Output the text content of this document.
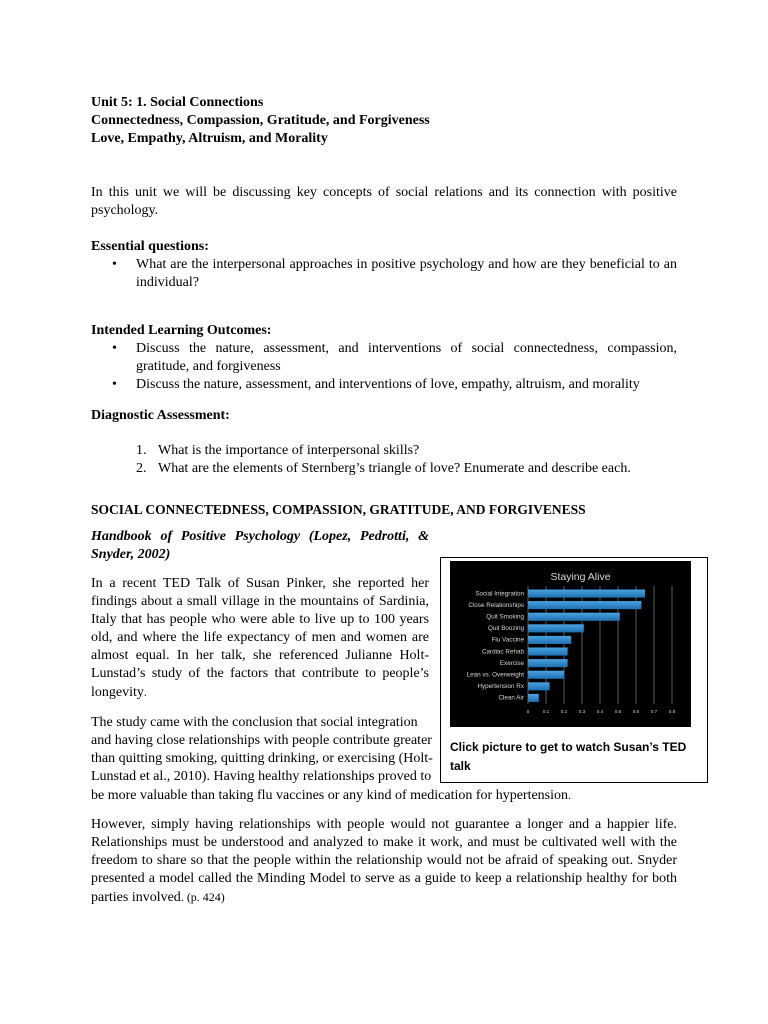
Unit 5: 1. Social Connections

Connectedness, Compassion, Gratitude, and Forgiveness

Love, Empathy, Altruism, and Morality

In this unit we will be discussing key concepts of social relations and its connection with positive psychology.

Essential questions:

• What are the interpersonal approaches in positive psychology and how are they beneficial to an individual?

Intended Learning Outcomes:

• Discuss the nature, assessment, and interventions of social connectedness, compassion, gratitude, and forgiveness
• Discuss the nature, assessment, and interventions of love, empathy, altruism, and morality

Diagnostic Assessment:

1. What is the importance of interpersonal skills?
2. What are the elements of Sternberg’s triangle of love? Enumerate and describe each.

SOCIAL CONNECTEDNESS, COMPASSION, GRATITUDE, AND FORGIVENESS

Handbook of Positive Psychology (Lopez, Pedrotti, & Snyder, 2002)

In a recent TED Talk of Susan Pinker, she reported her findings about a small village in the mountains of Sardinia, Italy that has people who were able to live up to 100 years old, and where the life expectancy of men and women are almost equal. In her talk, she referenced Julianne Holt-Lunstad’s study of the factors that contribute to people’s longevity.

The study came with the conclusion that social integration
and having close relationships with people contribute greater
than quitting smoking, quitting drinking, or exercising (Holt-
Lunstad et al., 2010). Having healthy relationships proved to
be more valuable than taking flu vaccines or any kind of medication for hypertension.

However, simply having relationships with people would not guarantee a longer and a happier life. Relationships must be understood and analyzed to make it work, and must be cultivated well with the freedom to share so that the people within the relationship would not be afraid of speaking out. Snyder presented a model called the Minding Model to serve as a guide to keep a relationship healthy for both parties involved. (p. 424)

Staying Alive
0	0.1	0.2	0.3	0.4	0.5	0.6	0.7	0.8
Social Integration
Close Relationships
Quit Smoking
Quit Boozing
Flu Vaccine
Cardiac Rehab
Exercise
Lean vs. Overweight
Hypertension Rx
Clean Air
Click picture to get to watch Susan’s TED talk
